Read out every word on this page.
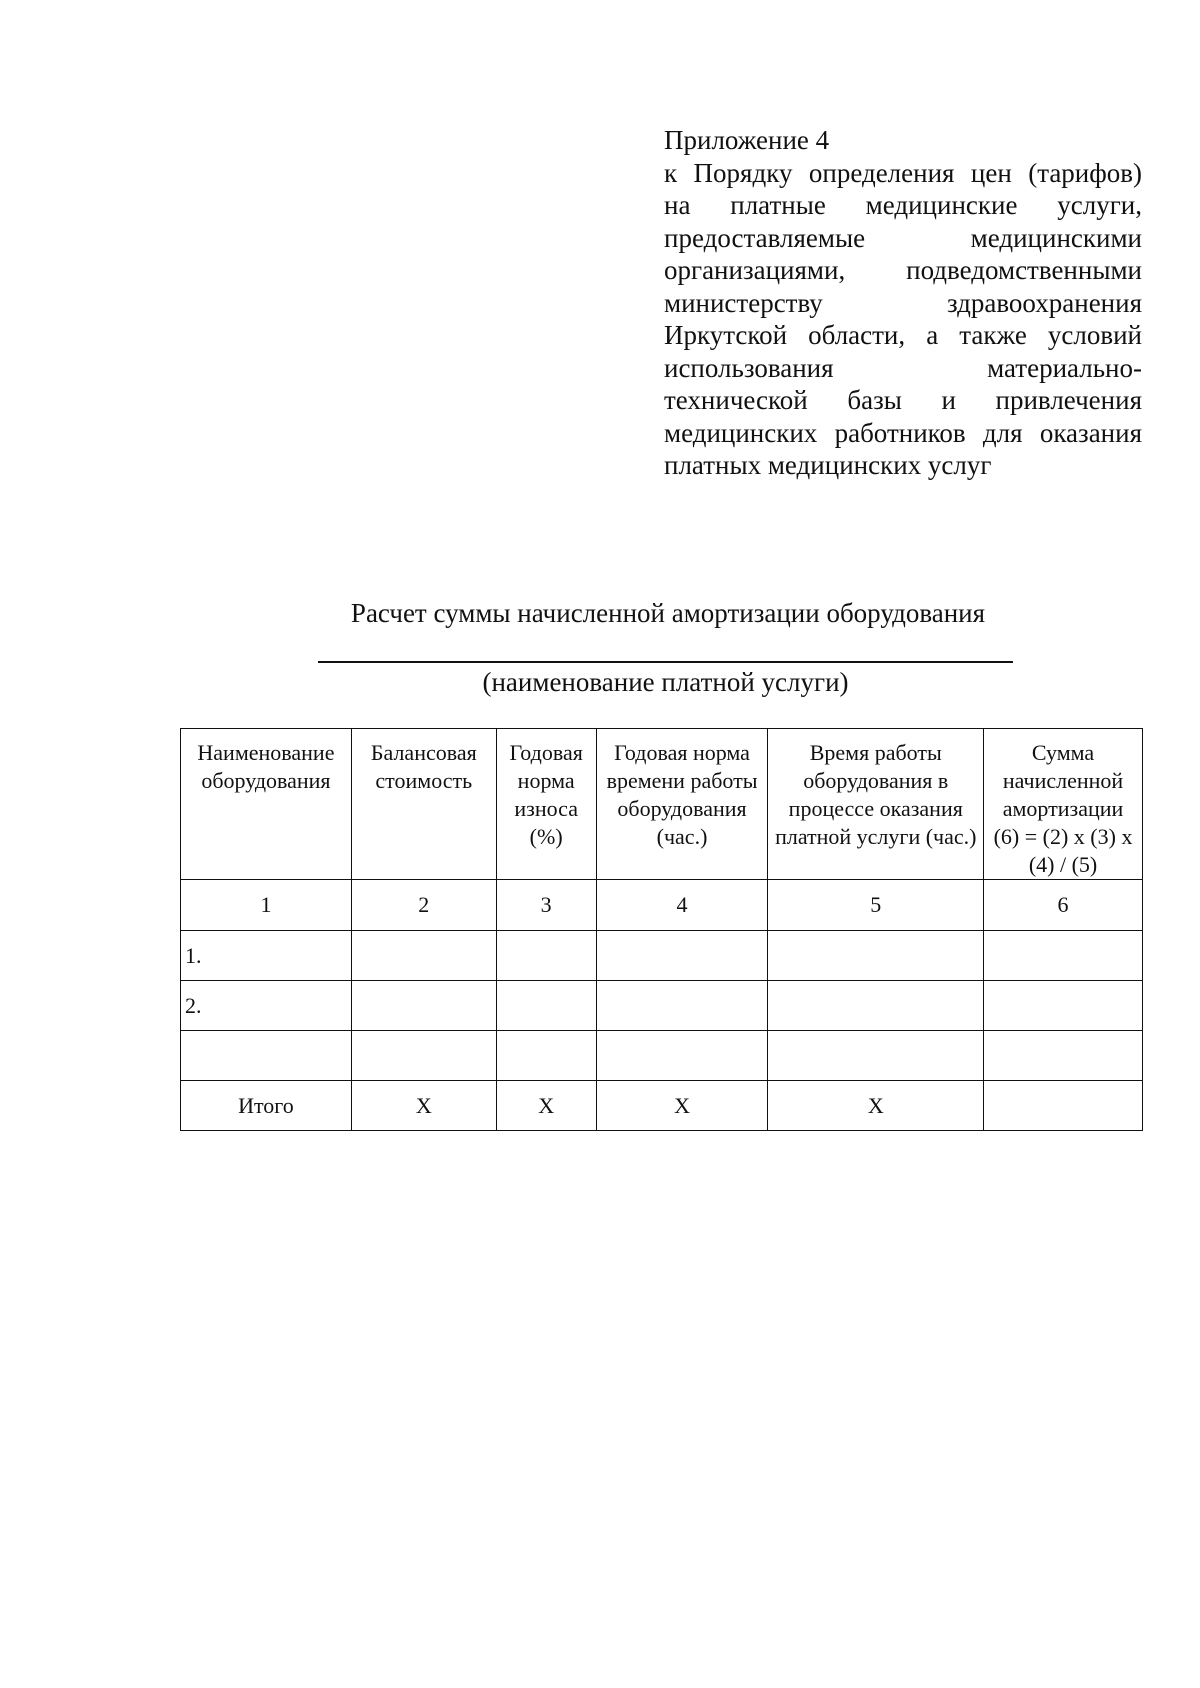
Приложение 4
к Порядку определения цен (тарифов)
на платные медицинские услуги,
предоставляемые медицинскими
организациями, подведомственными
министерству здравоохранения
Иркутской области, а также условий
использования материально-
технической базы и привлечения
медицинских работников для оказания
платных медицинских услуг
Расчет суммы начисленной амортизации оборудования
(наименование платной услуги)
Наименование оборудования	Балансовая стоимость	Годовая норма износа (%)	Годовая норма времени работы оборудования (час.)	Время работы оборудования в процессе оказания платной услуги (час.)	Сумма начисленной амортизации (6) = (2) x (3) x (4) / (5)
1	2	3	4	5	6
1.					
2.					

Итого	X	X	X	X	
